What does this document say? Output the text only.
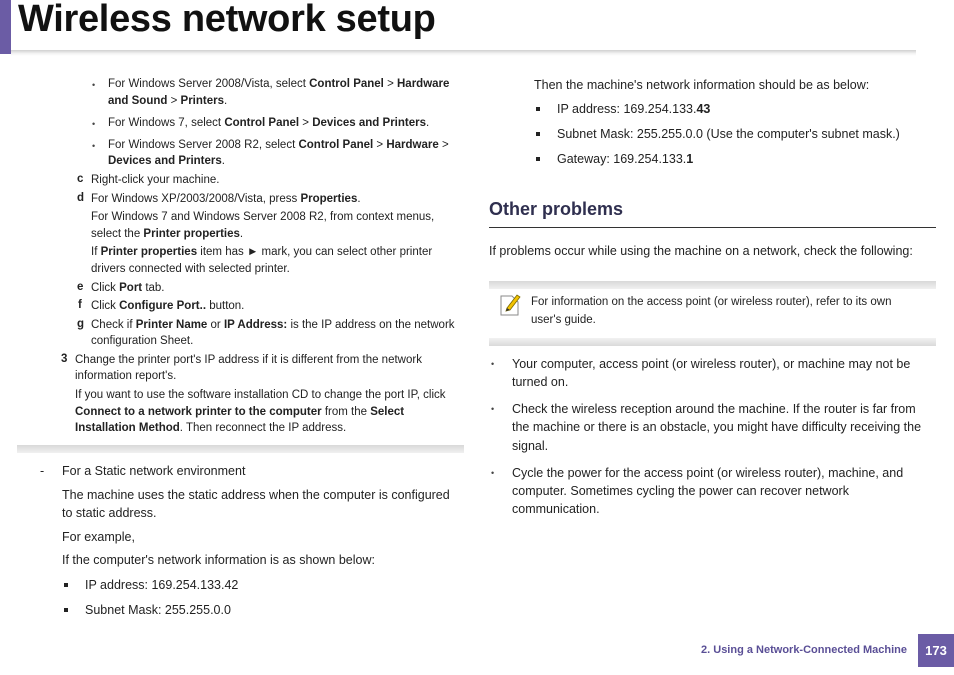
Wireless network setup
• For Windows Server 2008/Vista, select Control Panel > Hardware
and Sound > Printers.
• For Windows 7, select Control Panel > Devices and Printers.
• For Windows Server 2008 R2, select Control Panel > Hardware >
Devices and Printers.
c Right-click your machine.
d For Windows XP/2003/2008/Vista, press Properties.
For Windows 7 and Windows Server 2008 R2, from context menus,
select the Printer properties.
If Printer properties item has ► mark, you can select other printer
drivers connected with selected printer.
e Click Port tab.
f Click Configure Port.. button.
g Check if Printer Name or IP Address: is the IP address on the network
configuration Sheet.
3 Change the printer port's IP address if it is different from the network
information report's.
If you want to use the software installation CD to change the port IP, click
Connect to a network printer to the computer from the Select
Installation Method. Then reconnect the IP address.
- For a Static network environment
The machine uses the static address when the computer is configured
to static address.
For example,
If the computer's network information is as shown below:
IP address: 169.254.133.42
Subnet Mask: 255.255.0.0
Then the machine's network information should be as below:
IP address: 169.254.133.43
Subnet Mask: 255.255.0.0 (Use the computer's subnet mask.)
Gateway: 169.254.133.1
Other problems
If problems occur while using the machine on a network, check the following:
For information on the access point (or wireless router), refer to its own
user's guide.
• Your computer, access point (or wireless router), or machine may not be
turned on.
• Check the wireless reception around the machine. If the router is far from
the machine or there is an obstacle, you might have difficulty receiving the
signal.
• Cycle the power for the access point (or wireless router), machine, and
computer. Sometimes cycling the power can recover network
communication.
2. Using a Network-Connected Machine	173
